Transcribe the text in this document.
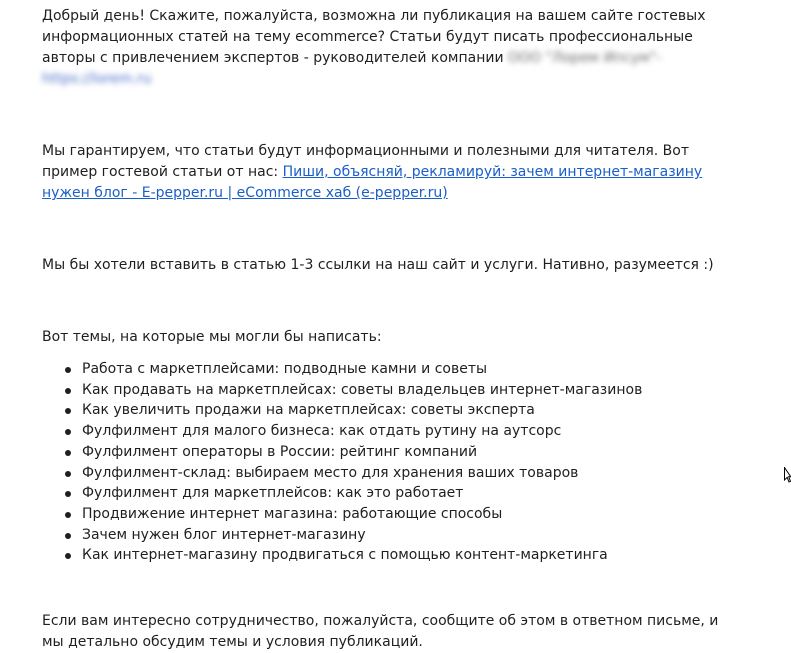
Добрый день! Скажите, пожалуйста, возможна ли публикация на вашем сайте гостевых информационных статей на тему ecommerce? Статьи будут писать профессиональные авторы с привлечением экспертов - руководителей компании ООО "Лорем Ипсум"-https://lorem.ru

Мы гарантируем, что статьи будут информационными и полезными для читателя. Вот пример гостевой статьи от нас: Пиши, объясняй, рекламируй: зачем интернет-магазину нужен блог - E-pepper.ru | eCommerce хаб (e-pepper.ru)

Мы бы хотели вставить в статью 1-3 ссылки на наш сайт и услуги. Нативно, разумеется :)

Вот темы, на которые мы могли бы написать:

Работа с маркетплейсами: подводные камни и советы
Как продавать на маркетплейсах: советы владельцев интернет-магазинов
Как увеличить продажи на маркетплейсах: советы эксперта
Фулфилмент для малого бизнеса: как отдать рутину на аутсорс
Фулфилмент операторы в России: рейтинг компаний
Фулфилмент-склад: выбираем место для хранения ваших товаров
Фулфилмент для маркетплейсов: как это работает
Продвижение интернет магазина: работающие способы
Зачем нужен блог интернет-магазину
Как интернет-магазину продвигаться с помощью контент-маркетинга

Если вам интересно сотрудничество, пожалуйста, сообщите об этом в ответном письме, и мы детально обсудим темы и условия публикаций.
